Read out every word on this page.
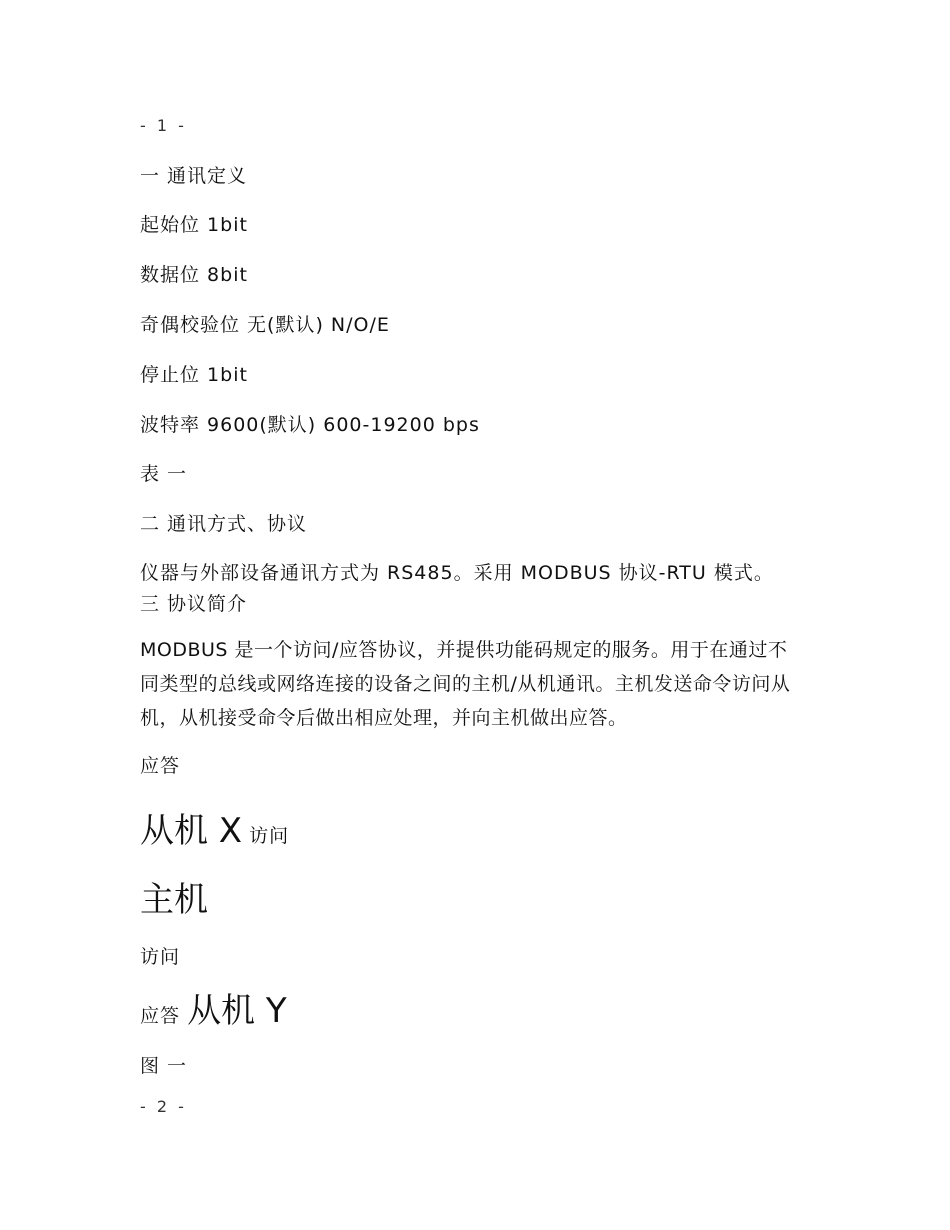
- 1 -
一 通讯定义
起始位 1bit
数据位 8bit
奇偶校验位 无(默认) N/O/E
停止位 1bit
波特率 9600(默认) 600-19200 bps
表 一
二 通讯方式、协议
仪器与外部设备通讯方式为 RS485。采用 MODBUS 协议-RTU 模式。
三 协议简介
MODBUS 是一个访问/应答协议，并提供功能码规定的服务。用于在通过不同类型的总线或网络连接的设备之间的主机/从机通讯。主机发送命令访问从机，从机接受命令后做出相应处理，并向主机做出应答。
应答
从机 X 访问
主机
访问
应答 从机 Y
图 一
- 2 -
